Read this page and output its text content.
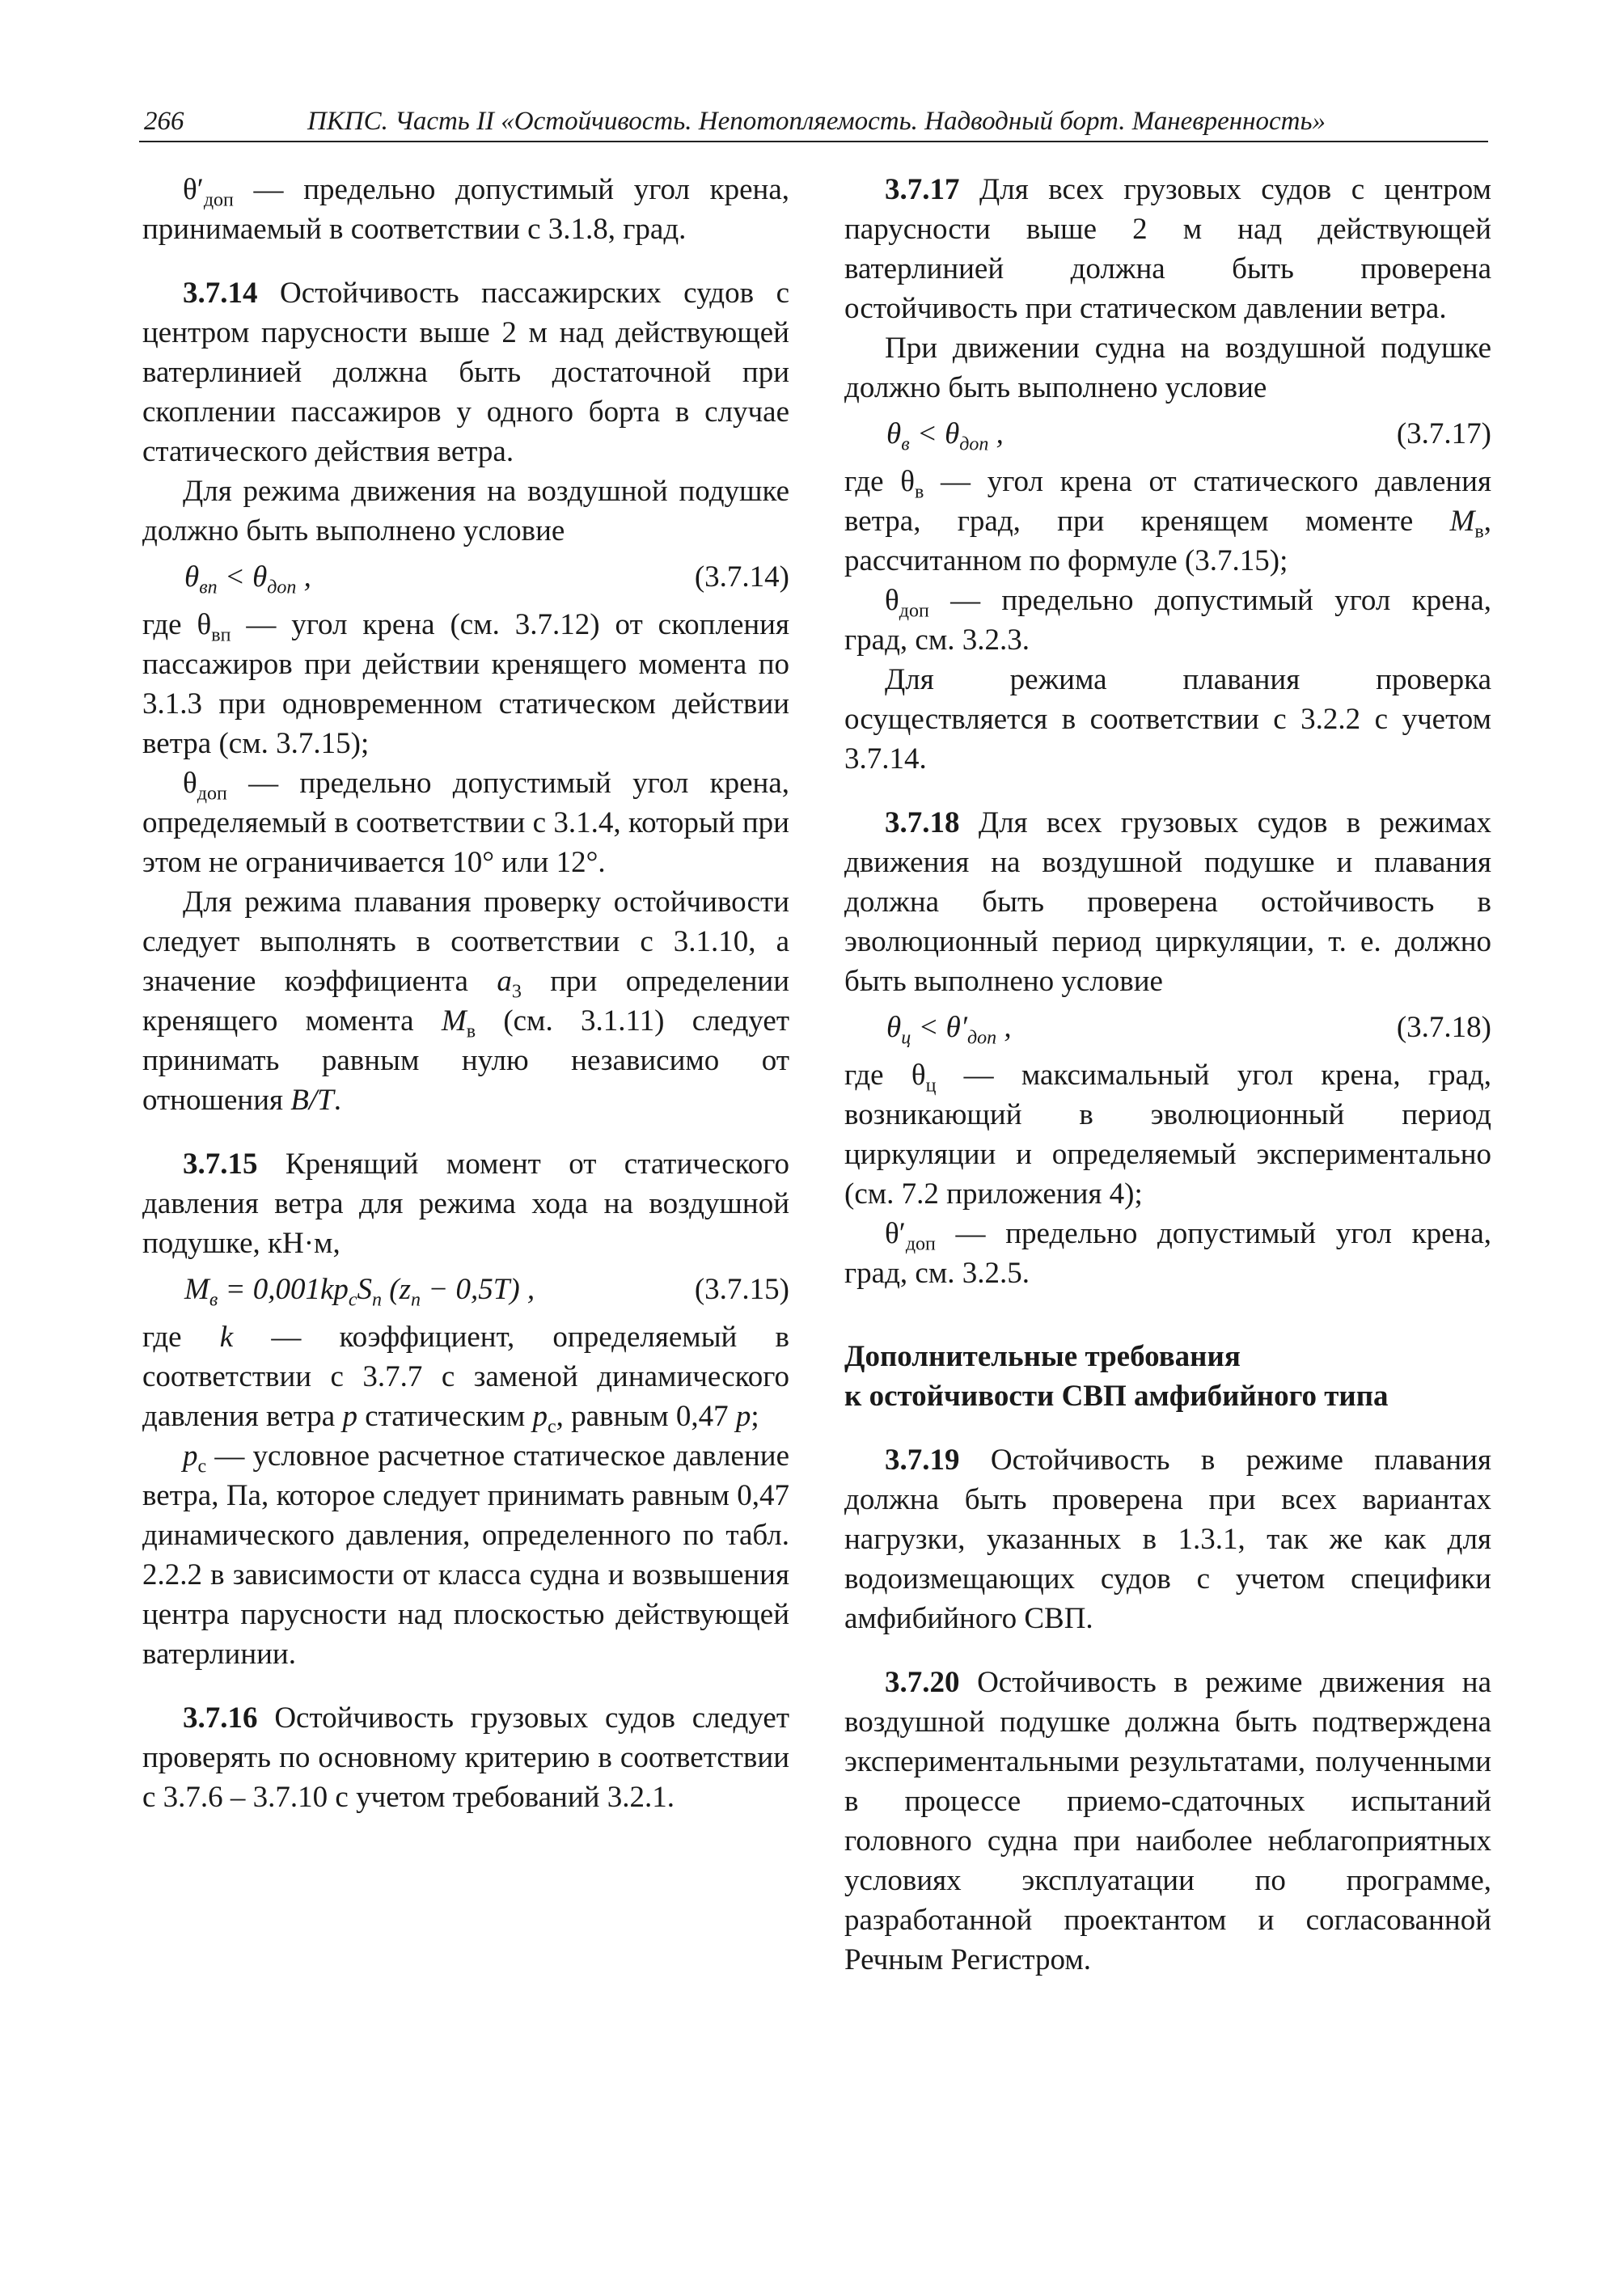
266	ПКПС. Часть II «Остойчивость. Непотопляемость. Надводный борт. Маневренность»

$\theta'_{доп}$ — предельно допустимый угол крена, принимаемый в соответствии с 3.1.8, град.

3.7.14 Остойчивость пассажирских судов с центром парусности выше 2 м над действующей ватерлинией должна быть достаточной при скоплении пассажиров у одного борта в случае статического действия ветра.

Для режима движения на воздушной подушке должно быть выполнено условие

$\theta_{вп} < \theta_{доп}$ ,	(3.7.14)

где $\theta_{вп}$ — угол крена (см. 3.7.12) от скопления пассажиров при действии кренящего момента по 3.1.3 при одновременном статическом действии ветра (см. 3.7.15);

$\theta_{доп}$ — предельно допустимый угол крена, определяемый в соответствии с 3.1.4, который при этом не ограничивается 10° или 12°.

Для режима плавания проверку остойчивости следует выполнять в соответствии с 3.1.10, а значение коэффициента $a_3$ при определении кренящего момента $M_в$ (см. 3.1.11) следует принимать равным нулю независимо от отношения B/T.

3.7.15 Кренящий момент от статического давления ветра для режима хода на воздушной подушке, кН·м,

$M_в = 0,001kp_сS_п$ $(z_п - 0,5T)$ ,	(3.7.15)

где k — коэффициент, определяемый в соответствии с 3.7.7 с заменой динамического давления ветра p статическим $p_с$, равным 0,47 p;

$p_с$ — условное расчетное статическое давление ветра, Па, которое следует принимать равным 0,47 динамического давления, определенного по табл. 2.2.2 в зависимости от класса судна и возвышения центра парусности над плоскостью действующей ватерлинии.

3.7.16 Остойчивость грузовых судов следует проверять по основному критерию в соответствии с 3.7.6 – 3.7.10 с учетом требований 3.2.1.

3.7.17 Для всех грузовых судов с центром парусности выше 2 м над действующей ватерлинией должна быть проверена остойчивость при статическом давлении ветра.

При движении судна на воздушной подушке должно быть выполнено условие

$\theta_в < \theta_{доп}$ ,	(3.7.17)

где $\theta_в$ — угол крена от статического давления ветра, град, при кренящем моменте $M_в$, рассчитанном по формуле (3.7.15);

$\theta_{доп}$ — предельно допустимый угол крена, град, см. 3.2.3.

Для режима плавания проверка осуществляется в соответствии с 3.2.2 с учетом 3.7.14.

3.7.18 Для всех грузовых судов в режимах движения на воздушной подушке и плавания должна быть проверена остойчивость в эволюционный период циркуляции, т. е. должно быть выполнено условие

$\theta_ц < \theta'_{доп}$ ,	(3.7.18)

где $\theta_ц$ — максимальный угол крена, град, возникающий в эволюционный период циркуляции и определяемый экспериментально (см. 7.2 приложения 4);

$\theta'_{доп}$ — предельно допустимый угол крена, град, см. 3.2.5.

Дополнительные требования
к остойчивости СВП амфибийного типа

3.7.19 Остойчивость в режиме плавания должна быть проверена при всех вариантах нагрузки, указанных в 1.3.1, так же как для водоизмещающих судов с учетом специфики амфибийного СВП.

3.7.20 Остойчивость в режиме движения на воздушной подушке должна быть подтверждена экспериментальными результатами, полученными в процессе приемо-сдаточных испытаний головного судна при наиболее неблагоприятных условиях эксплуатации по программе, разработанной проектантом и согласованной Речным Регистром.
